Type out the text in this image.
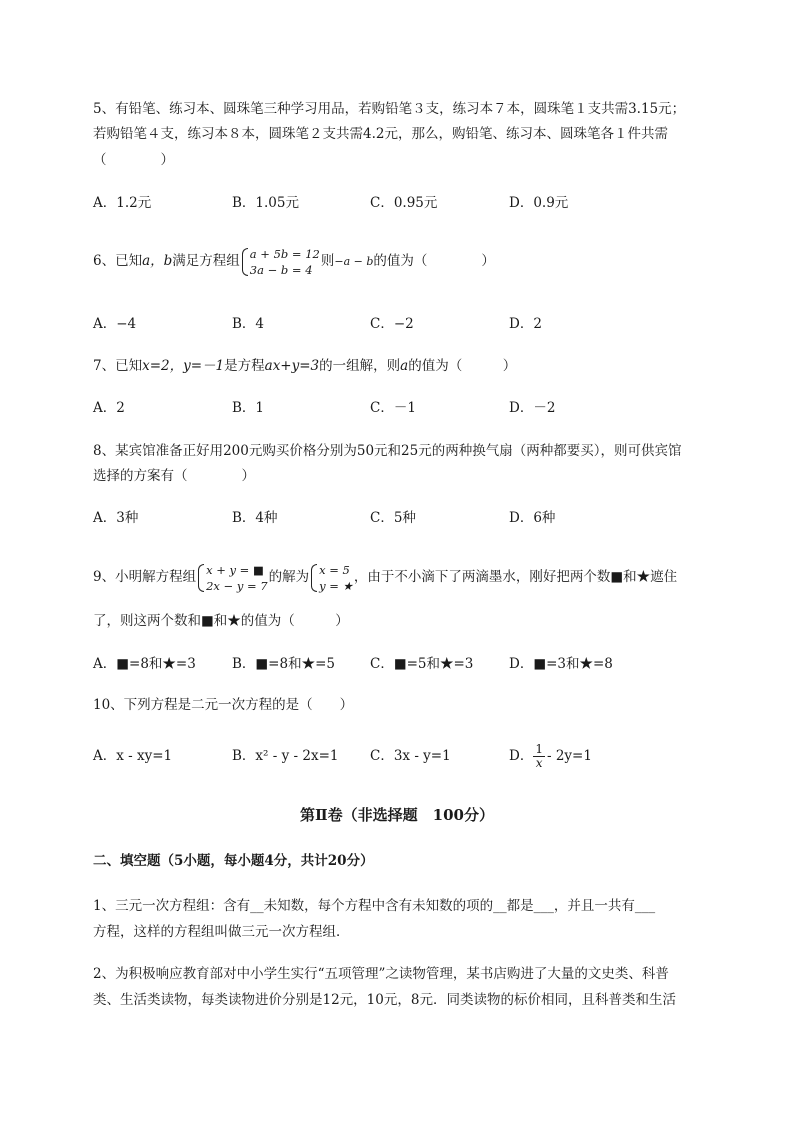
5、有铅笔、练习本、圆珠笔三种学习用品，若购铅笔３支，练习本７本，圆珠笔１支共需3.15元；
若购铅笔４支，练习本８本，圆珠笔２支共需4.2元，那么，购铅笔、练习本、圆珠笔各１件共需
（　　　　）
A．1.2元	B．1.05元	C．0.95元	D．0.9元
6、已知a，b满足方程组 a + 5b = 12
3a − b = 4
则−a − b的值为（　　　　）
A．−4	B．4	C．−2	D．2
7、已知x=2，y=－1是方程ax+y=3的一组解，则a的值为（　　　）
A．2	B．1	C．－1	D．－2
8、某宾馆准备正好用200元购买价格分别为50元和25元的两种换气扇（两种都要买），则可供宾馆
选择的方案有（　　　　）
A．3种	B．4种	C．5种	D．6种
9、小明解方程组 x + y = ■
2x − y = 7
的解为 x = 5
y = ★
，由于不小滴下了两滴墨水，刚好把两个数■和★遮住
了，则这两个数和■和★的值为（　　　）
A．■=8和★=3	B．■=8和★=5	C．■=5和★=3	D．■=3和★=8
10、下列方程是二元一次方程的是（　　）
A．x - xy=1	B．x² - y - 2x=1 C．3x - y=1	D． $\frac{1}{x} - 2y=1$
第Ⅱ卷（非选择题　100分）
二、填空题（5小题，每小题4分，共计20分）
1、三元一次方程组：含有__未知数，每个方程中含有未知数的项的__都是___，并且一共有___
方程，这样的方程组叫做三元一次方程组．
2、为积极响应教育部对中小学生实行“五项管理”之读物管理，某书店购进了大量的文史类、科普
类、生活类读物，每类读物进价分别是12元，10元，8元．同类读物的标价相同，且科普类和生活
